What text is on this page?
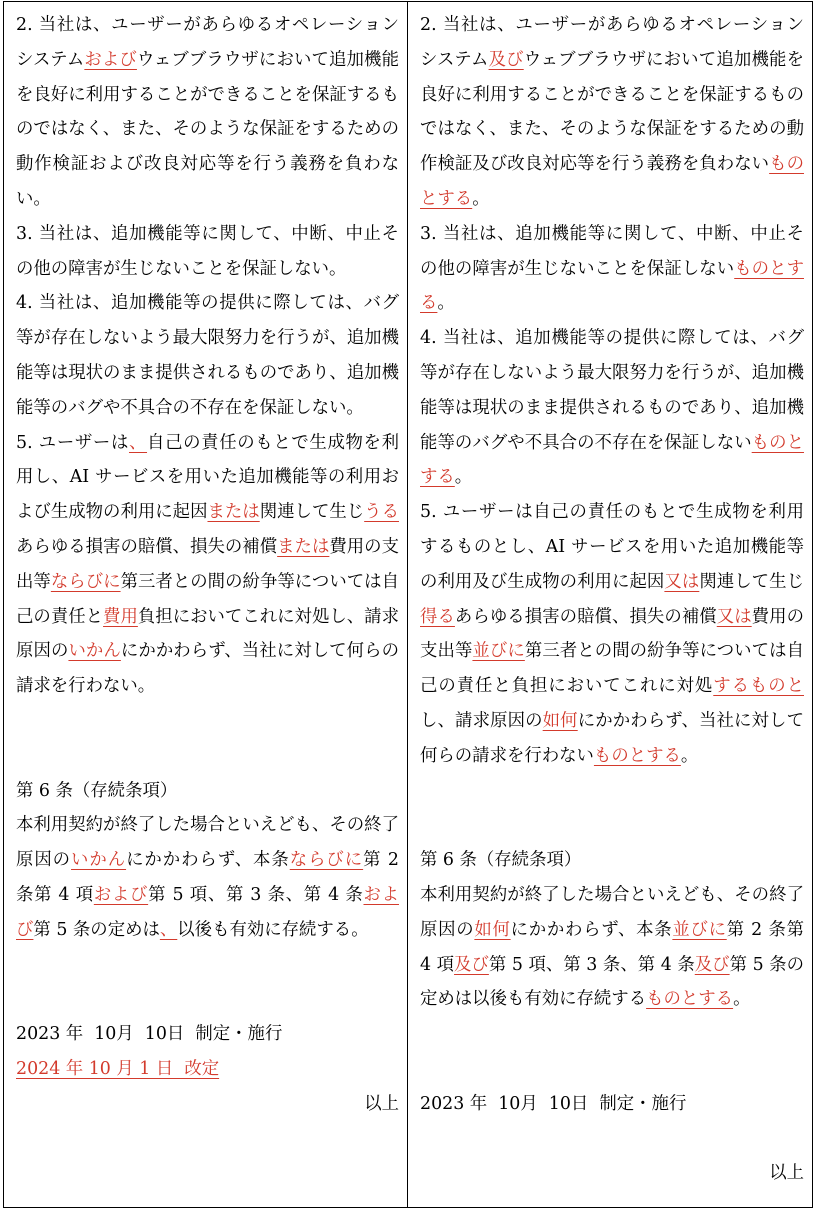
2. 当社は、ユーザーがあらゆるオペレーションシステムおよびウェブブラウザにおいて追加機能を良好に利用することができることを保証するものではなく、また、そのような保証をするための動作検証および改良対応等を行う義務を負わない。

3. 当社は、追加機能等に関して、中断、中止その他の障害が生じないことを保証しない。

4. 当社は、追加機能等の提供に際しては、バグ等が存在しないよう最大限努力を行うが、追加機能等は現状のまま提供されるものであり、追加機能等のバグや不具合の不存在を保証しない。

5. ユーザーは、自己の責任のもとで生成物を利用し、AI サービスを用いた追加機能等の利用および生成物の利用に起因または関連して生じうるあらゆる損害の賠償、損失の補償または費用の支出等ならびに第三者との間の紛争等については自己の責任と費用負担においてこれに対処し、請求原因のいかんにかかわらず、当社に対して何らの請求を行わない。

第 6 条（存続条項）

本利用契約が終了した場合といえども、その終了原因のいかんにかかわらず、本条ならびに第 2 条第 4 項および第 5 項、第 3 条、第 4 条および第 5 条の定めは、以後も有効に存続する。

2023 年  10月  10日  制定・施行

2024 年 10 月 1 日  改定

以上

2. 当社は、ユーザーがあらゆるオペレーションシステム及びウェブブラウザにおいて追加機能を良好に利用することができることを保証するものではなく、また、そのような保証をするための動作検証及び改良対応等を行う義務を負わないものとする。

3. 当社は、追加機能等に関して、中断、中止その他の障害が生じないことを保証しないものとする。

4. 当社は、追加機能等の提供に際しては、バグ等が存在しないよう最大限努力を行うが、追加機能等は現状のまま提供されるものであり、追加機能等のバグや不具合の不存在を保証しないものとする。

5. ユーザーは自己の責任のもとで生成物を利用するものとし、AI サービスを用いた追加機能等の利用及び生成物の利用に起因又は関連して生じ得るあらゆる損害の賠償、損失の補償又は費用の支出等並びに第三者との間の紛争等については自己の責任と負担においてこれに対処するものとし、請求原因の如何にかかわらず、当社に対して何らの請求を行わないものとする。

第 6 条（存続条項）

本利用契約が終了した場合といえども、その終了原因の如何にかかわらず、本条並びに第 2 条第 4 項及び第 5 項、第 3 条、第 4 条及び第 5 条の定めは以後も有効に存続するものとする。

2023 年  10月  10日  制定・施行

以上
